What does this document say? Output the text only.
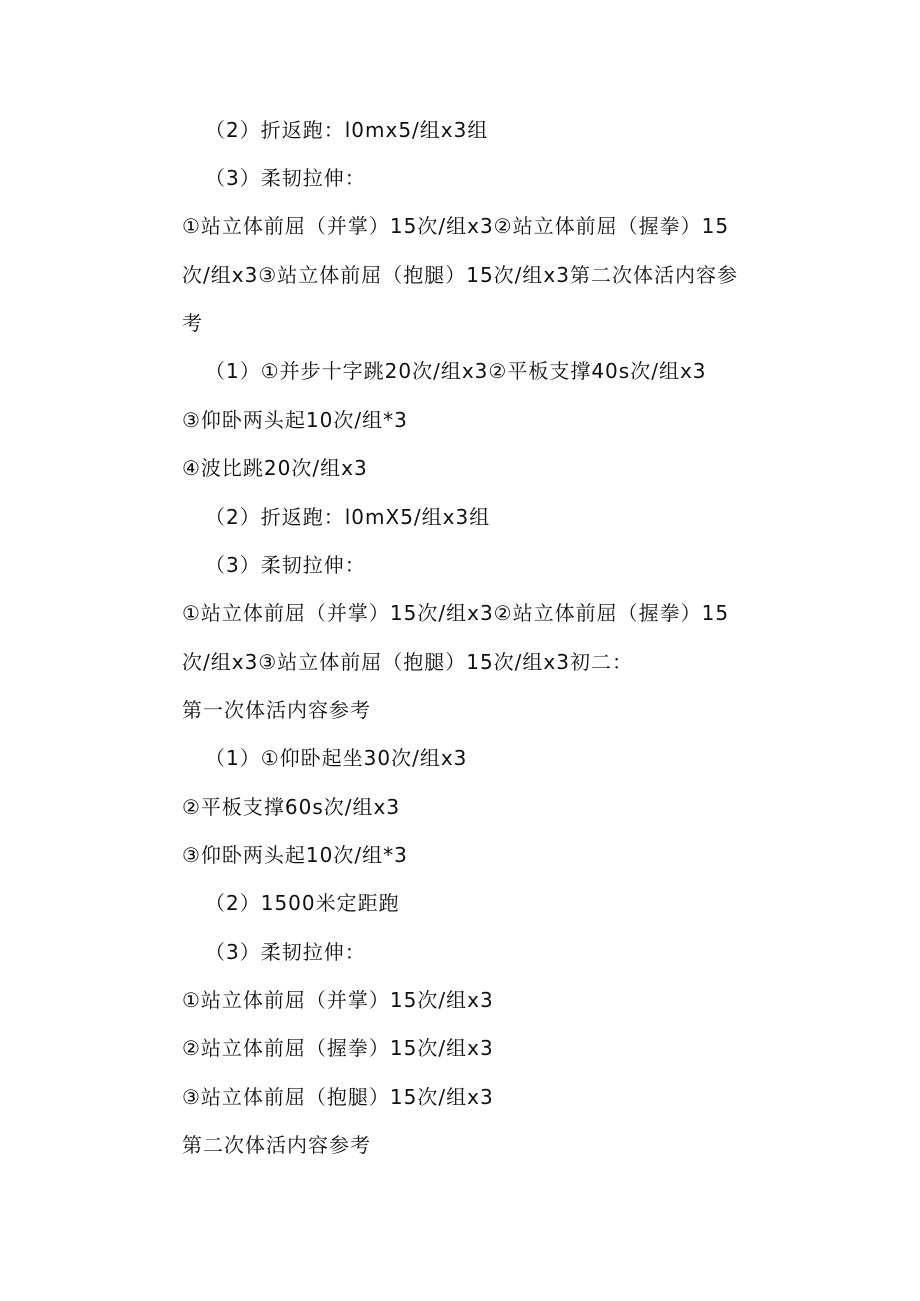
（2）折返跑：l0mx5/组x3组
（3）柔韧拉伸：
①站立体前屈（并掌）15次/组x3②站立体前屈（握拳）15
次/组x3③站立体前屈（抱腿）15次/组x3第二次体活内容参
考
（1）①并步十字跳20次/组x3②平板支撑40s次/组x3
③仰卧两头起10次/组*3
④波比跳20次/组x3
（2）折返跑：l0mX5/组x3组
（3）柔韧拉伸：
①站立体前屈（并掌）15次/组x3②站立体前屈（握拳）15
次/组x3③站立体前屈（抱腿）15次/组x3初二：
第一次体活内容参考
（1）①仰卧起坐30次/组x3
②平板支撑60s次/组x3
③仰卧两头起10次/组*3
（2）1500米定距跑
（3）柔韧拉伸：
①站立体前屈（并掌）15次/组x3
②站立体前屈（握拳）15次/组x3
③站立体前屈（抱腿）15次/组x3
第二次体活内容参考
